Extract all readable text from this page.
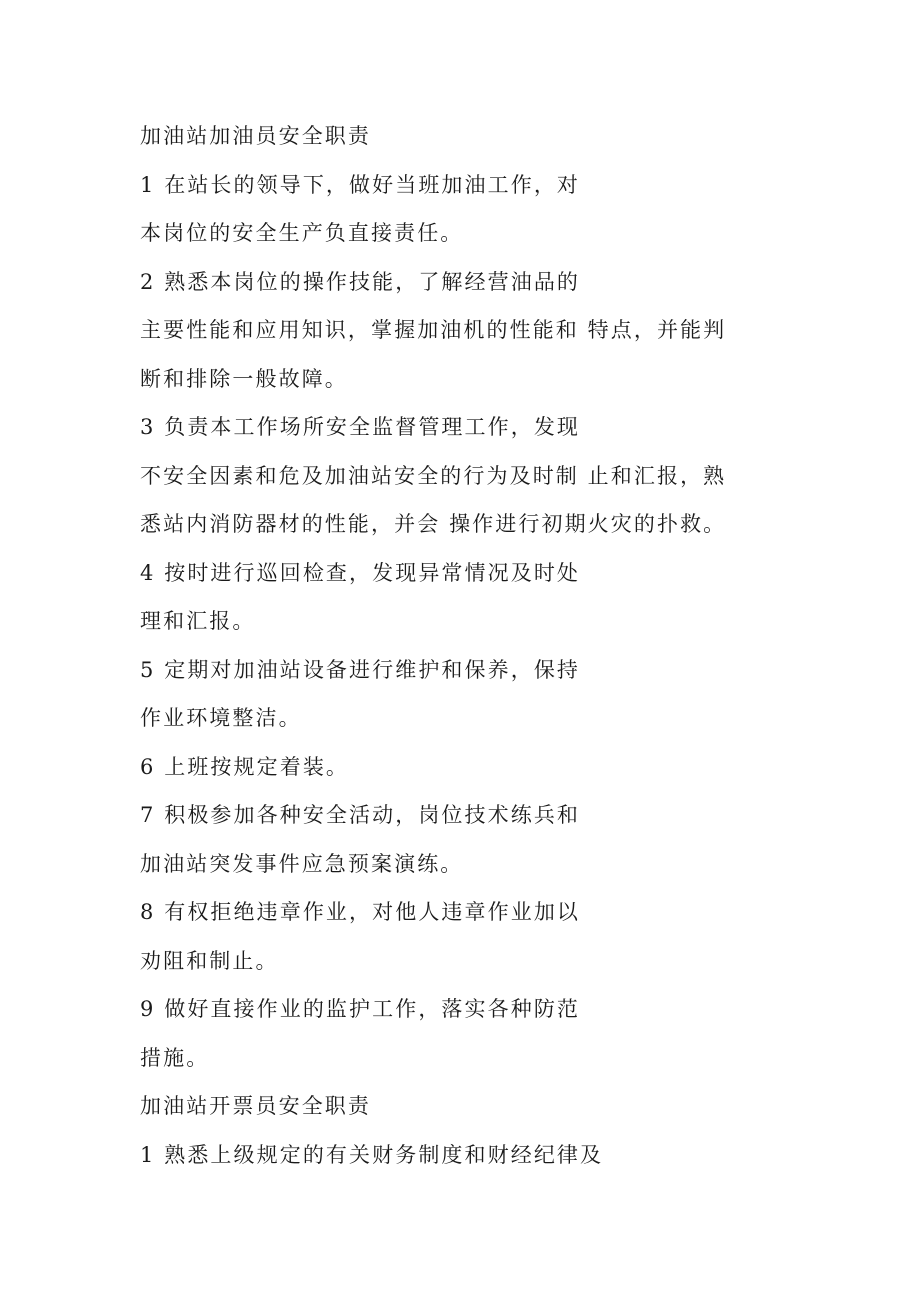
加油站加油员安全职责
1 在站长的领导下，做好当班加油工作，对
本岗位的安全生产负直接责任。
2 熟悉本岗位的操作技能，了解经营油品的
主要性能和应用知识，掌握加油机的性能和 特点，并能判
断和排除一般故障。
3 负责本工作场所安全监督管理工作，发现
不安全因素和危及加油站安全的行为及时制 止和汇报，熟
悉站内消防器材的性能，并会 操作进行初期火灾的扑救。
4 按时进行巡回检查，发现异常情况及时处
理和汇报。
5 定期对加油站设备进行维护和保养，保持
作业环境整洁。
6 上班按规定着装。
7 积极参加各种安全活动，岗位技术练兵和
加油站突发事件应急预案演练。
8 有权拒绝违章作业，对他人违章作业加以
劝阻和制止。
9 做好直接作业的监护工作，落实各种防范
措施。
加油站开票员安全职责
1 熟悉上级规定的有关财务制度和财经纪律及
